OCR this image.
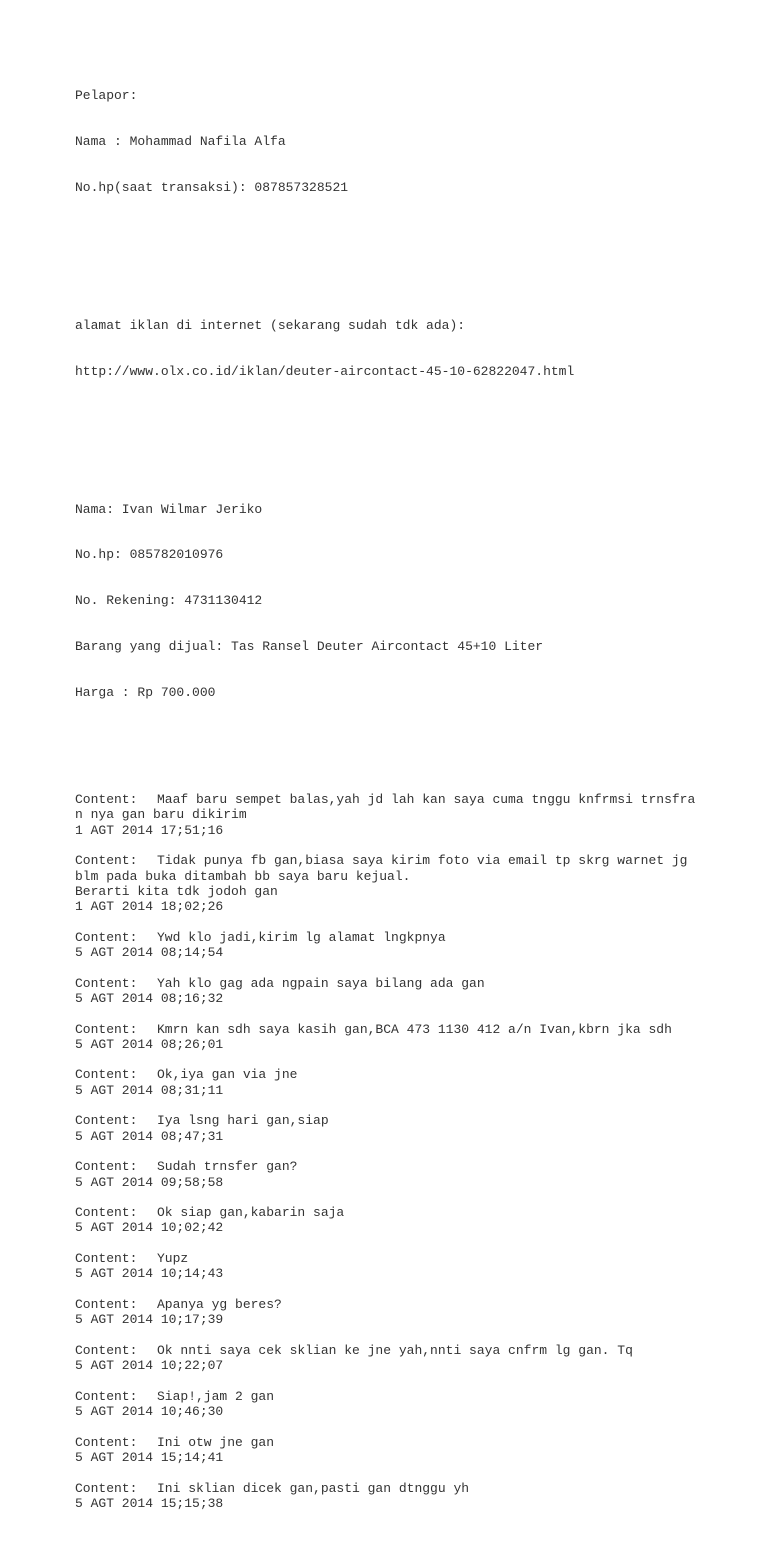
Pelapor:

Nama : Mohammad Nafila Alfa

No.hp(saat transaksi): 087857328521

alamat iklan di internet (sekarang sudah tdk ada):

http://www.olx.co.id/iklan/deuter-aircontact-45-10-62822047.html

Nama: Ivan Wilmar Jeriko

No.hp: 085782010976

No. Rekening: 4731130412

Barang yang dijual: Tas Ransel Deuter Aircontact 45+10 Liter

Harga : Rp 700.000

Content: Maaf baru sempet balas,yah jd lah kan saya cuma tnggu knfrmsi trnsfra
n nya gan baru dikirim
1 AGT 2014 17;51;16
Content: Tidak punya fb gan,biasa saya kirim foto via email tp skrg warnet jg
blm pada buka ditambah bb saya baru kejual.
Berarti kita tdk jodoh gan
1 AGT 2014 18;02;26
Content: Ywd klo jadi,kirim lg alamat lngkpnya
5 AGT 2014 08;14;54
Content: Yah klo gag ada ngpain saya bilang ada gan
5 AGT 2014 08;16;32
Content: Kmrn kan sdh saya kasih gan,BCA 473 1130 412 a/n Ivan,kbrn jka sdh
5 AGT 2014 08;26;01
Content: Ok,iya gan via jne
5 AGT 2014 08;31;11
Content: Iya lsng hari gan,siap
5 AGT 2014 08;47;31
Content: Sudah trnsfer gan?
5 AGT 2014 09;58;58
Content: Ok siap gan,kabarin saja
5 AGT 2014 10;02;42
Content: Yupz
5 AGT 2014 10;14;43
Content: Apanya yg beres?
5 AGT 2014 10;17;39
Content: Ok nnti saya cek sklian ke jne yah,nnti saya cnfrm lg gan. Tq
5 AGT 2014 10;22;07
Content: Siap!,jam 2 gan
5 AGT 2014 10;46;30
Content: Ini otw jne gan
5 AGT 2014 15;14;41
Content: Ini sklian dicek gan,pasti gan dtnggu yh
5 AGT 2014 15;15;38
